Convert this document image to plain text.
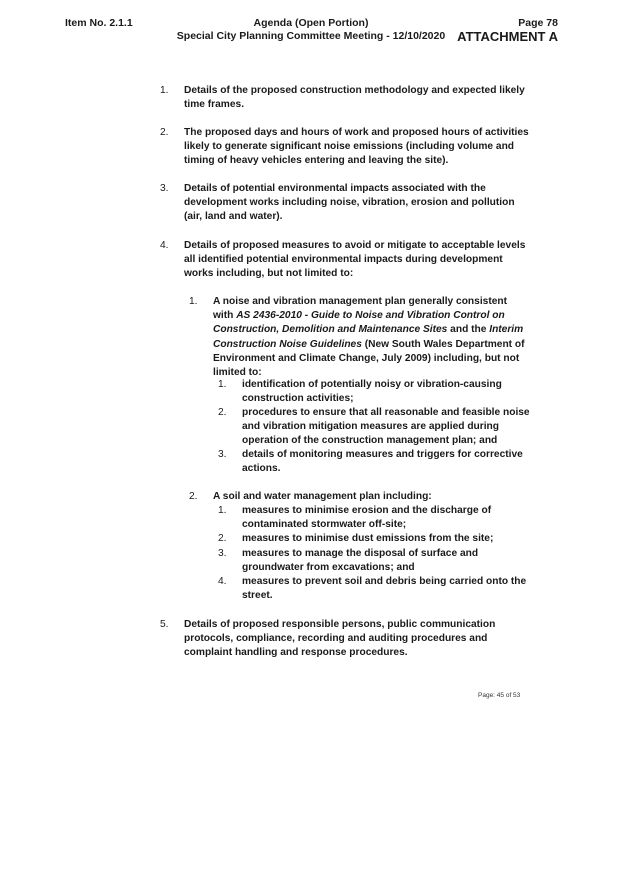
Item No. 2.1.1	Agenda (Open Portion)
Special City Planning Committee Meeting - 12/10/2020
Page 78
ATTACHMENT A
1. Details of the proposed construction methodology and expected likely time frames.
2. The proposed days and hours of work and proposed hours of activities likely to generate significant noise emissions (including volume and timing of heavy vehicles entering and leaving the site).
3. Details of potential environmental impacts associated with the development works including noise, vibration, erosion and pollution (air, land and water).
4. Details of proposed measures to avoid or mitigate to acceptable levels all identified potential environmental impacts during development works including, but not limited to:
1. A noise and vibration management plan generally consistent with AS 2436-2010 - Guide to Noise and Vibration Control on Construction, Demolition and Maintenance Sites and the Interim Construction Noise Guidelines (New South Wales Department of Environment and Climate Change, July 2009) including, but not limited to:
1. identification of potentially noisy or vibration-causing construction activities;
2. procedures to ensure that all reasonable and feasible noise and vibration mitigation measures are applied during operation of the construction management plan; and
3. details of monitoring measures and triggers for corrective actions.
2. A soil and water management plan including:
1. measures to minimise erosion and the discharge of contaminated stormwater off-site;
2. measures to minimise dust emissions from the site;
3. measures to manage the disposal of surface and groundwater from excavations; and
4. measures to prevent soil and debris being carried onto the street.
5. Details of proposed responsible persons, public communication protocols, compliance, recording and auditing procedures and complaint handling and response procedures.
Page: 45 of 53
